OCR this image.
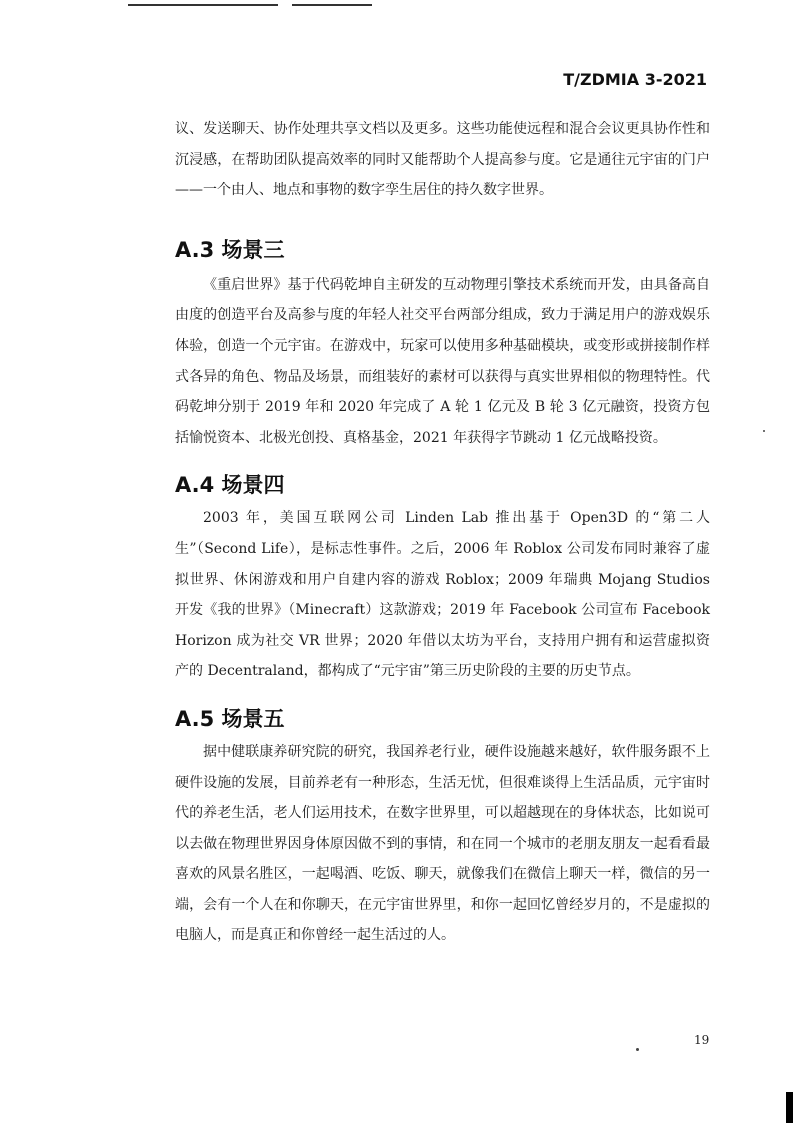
T/ZDMIA 3-2021

议、发送聊天、协作处理共享文档以及更多。这些功能使远程和混合会议更具协作性和沉浸感，在帮助团队提高效率的同时又能帮助个人提高参与度。它是通往元宇宙的门户——一个由人、地点和事物的数字孪生居住的持久数字世界。

A.3 场景三

《重启世界》基于代码乾坤自主研发的互动物理引擎技术系统而开发，由具备高自由度的创造平台及高参与度的年轻人社交平台两部分组成，致力于满足用户的游戏娱乐体验，创造一个元宇宙。在游戏中，玩家可以使用多种基础模块，或变形或拼接制作样式各异的角色、物品及场景，而组装好的素材可以获得与真实世界相似的物理特性。代码乾坤分别于 2019 年和 2020 年完成了 A 轮 1 亿元及 B 轮 3 亿元融资，投资方包括愉悦资本、北极光创投、真格基金，2021 年获得字节跳动 1 亿元战略投资。

A.4 场景四

2003 年，美国互联网公司 Linden Lab 推出基于 Open3D 的“第二人生”（Second Life），是标志性事件。之后，2006 年 Roblox 公司发布同时兼容了虚拟世界、休闲游戏和用户自建内容的游戏 Roblox；2009 年瑞典 Mojang Studios 开发《我的世界》（Minecraft）这款游戏；2019 年 Facebook 公司宣布 Facebook Horizon 成为社交 VR 世界；2020 年借以太坊为平台，支持用户拥有和运营虚拟资产的 Decentraland，都构成了“元宇宙”第三历史阶段的主要的历史节点。

A.5 场景五

据中健联康养研究院的研究，我国养老行业，硬件设施越来越好，软件服务跟不上硬件设施的发展，目前养老有一种形态，生活无忧，但很难谈得上生活品质，元宇宙时代的养老生活，老人们运用技术，在数字世界里，可以超越现在的身体状态，比如说可以去做在物理世界因身体原因做不到的事情，和在同一个城市的老朋友朋友一起看看最喜欢的风景名胜区，一起喝酒、吃饭、聊天，就像我们在微信上聊天一样，微信的另一端，会有一个人在和你聊天，在元宇宙世界里，和你一起回忆曾经岁月的，不是虚拟的电脑人，而是真正和你曾经一起生活过的人。

19
